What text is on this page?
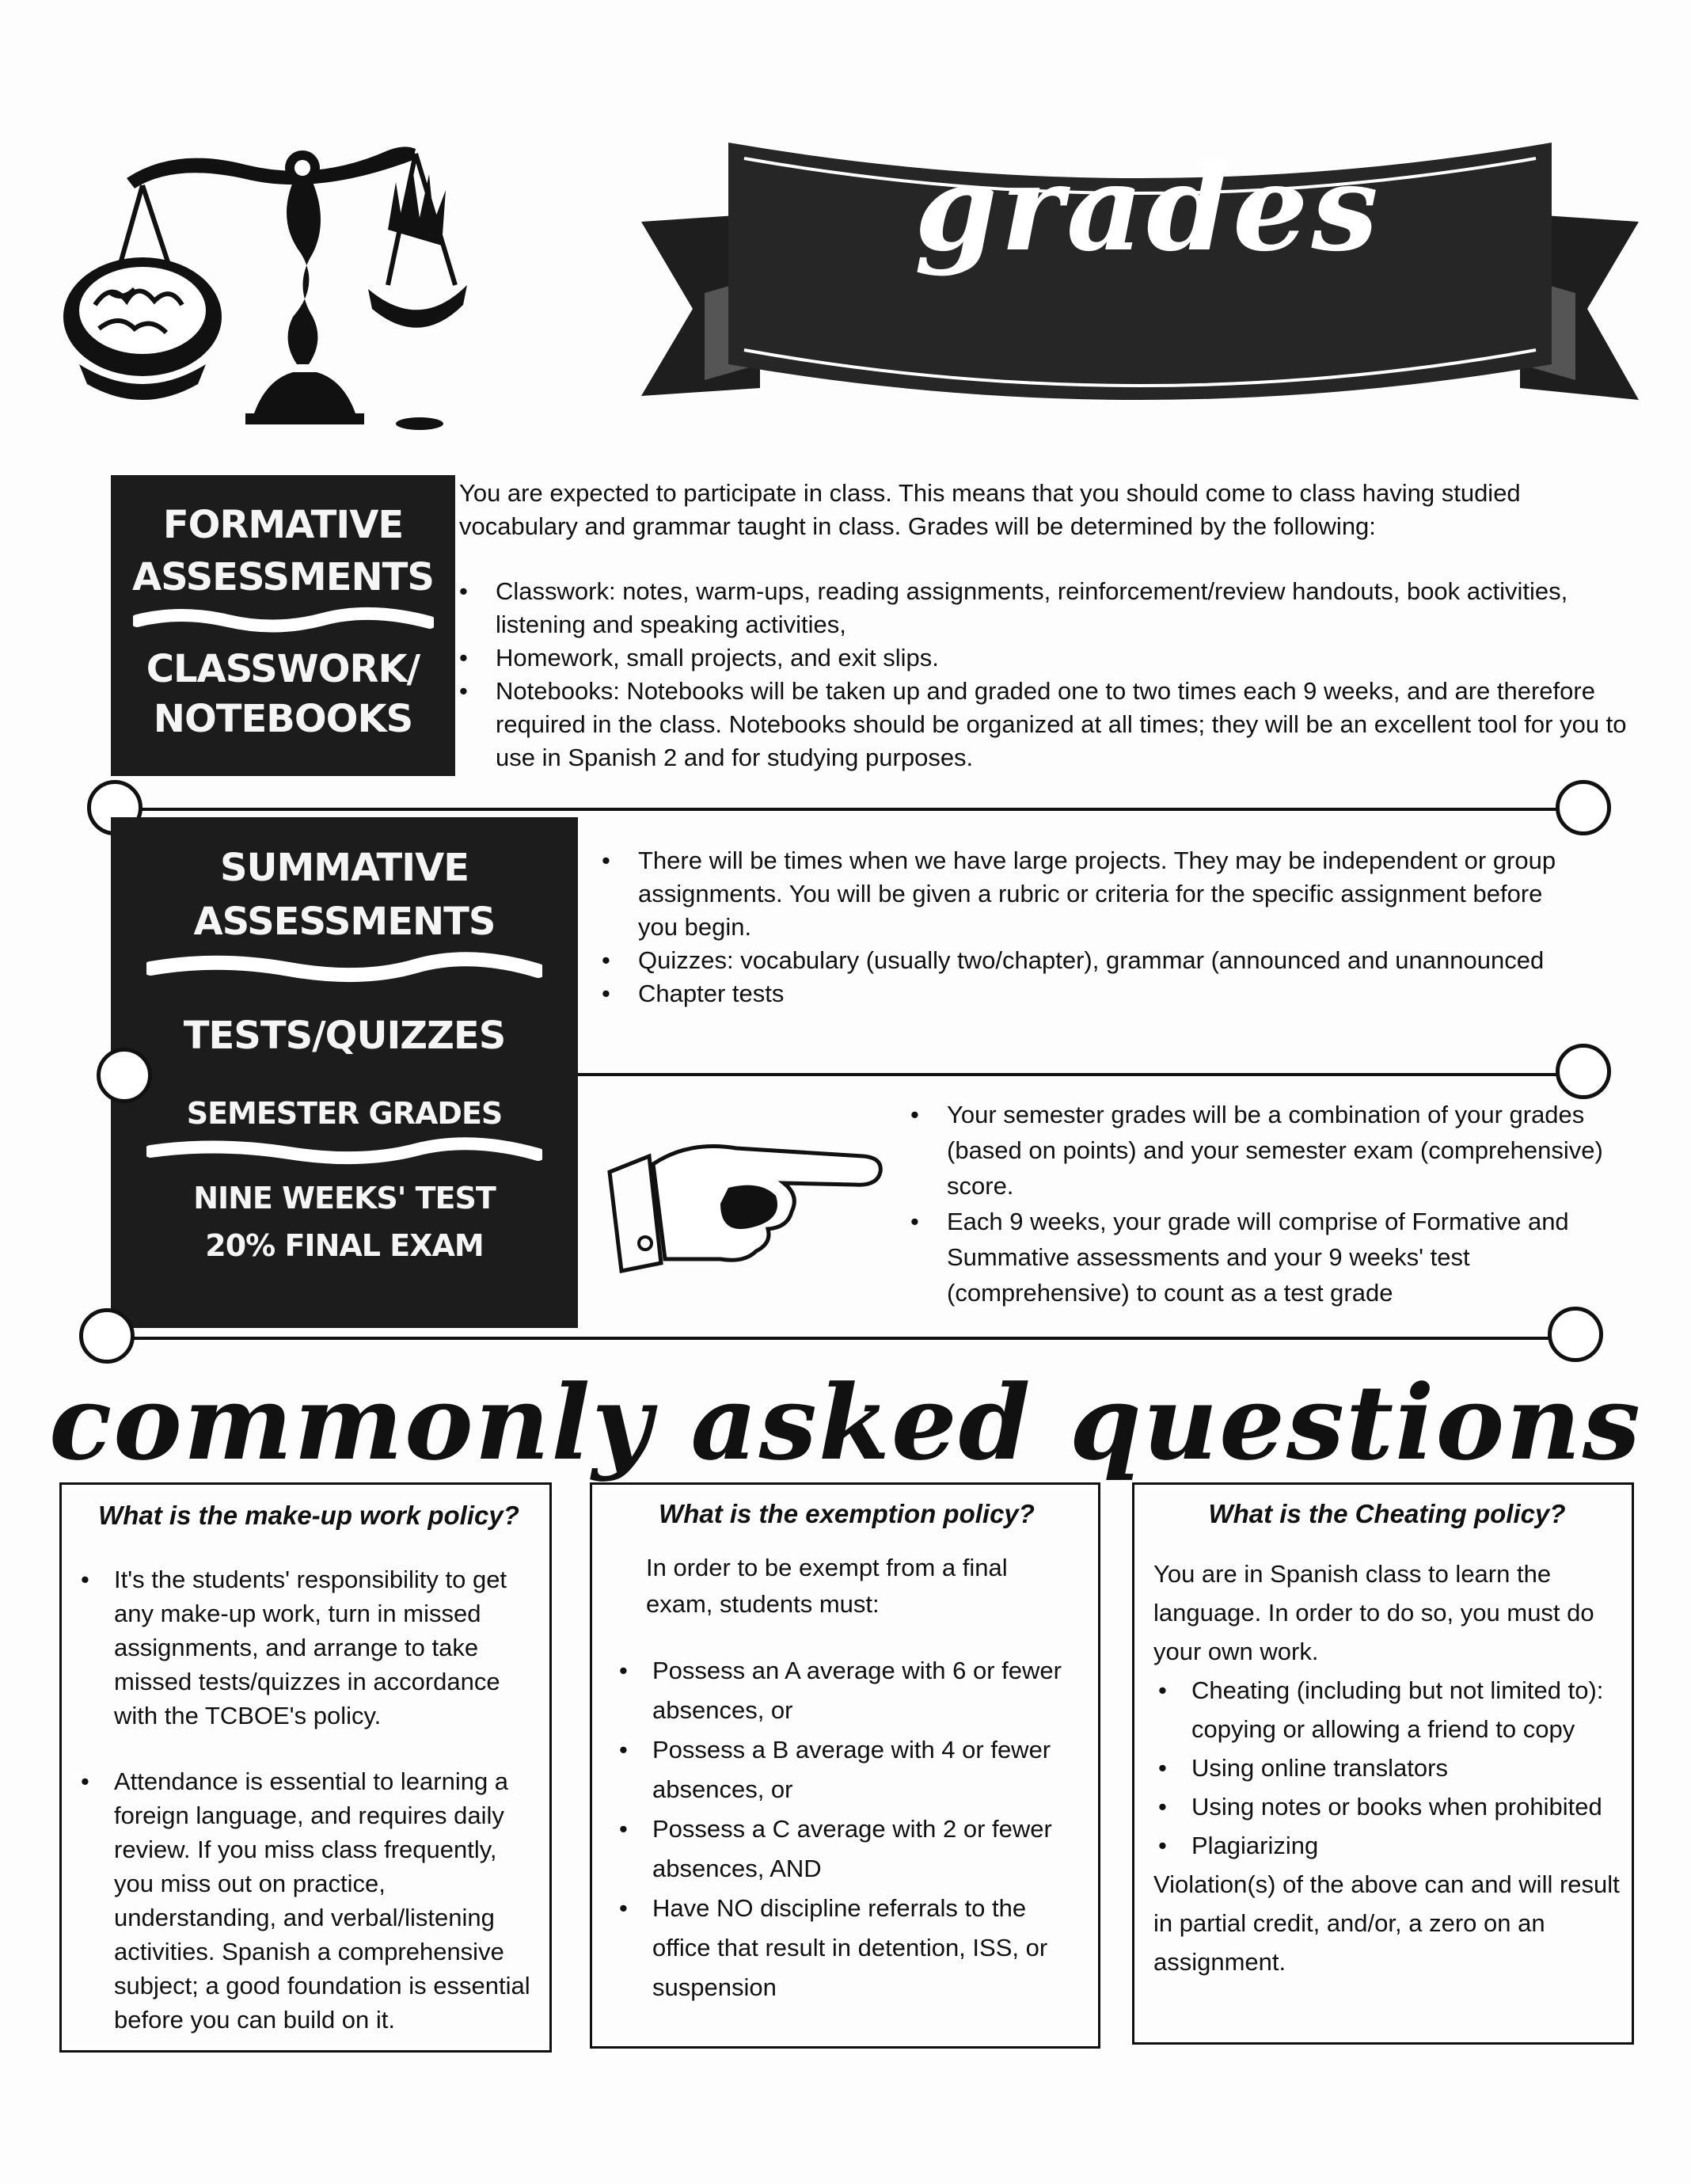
grades
FORMATIVE
ASSESSMENTS
CLASSWORK/
NOTEBOOKS
You are expected to participate in class. This means that you should come to class having studied vocabulary and grammar taught in class. Grades will be determined by the following:
• Classwork: notes, warm-ups, reading assignments, reinforcement/review handouts, book activities, listening and speaking activities,
• Homework, small projects, and exit slips.
• Notebooks: Notebooks will be taken up and graded one to two times each 9 weeks, and are therefore required in the class. Notebooks should be organized at all times; they will be an excellent tool for you to use in Spanish 2 and for studying purposes.
SUMMATIVE
ASSESSMENTS
TESTS/QUIZZES
SEMESTER GRADES
NINE WEEKS' TEST
20% FINAL EXAM
• There will be times when we have large projects. They may be independent or group assignments. You will be given a rubric or criteria for the specific assignment before you begin.
• Quizzes: vocabulary (usually two/chapter), grammar (announced and unannounced
• Chapter tests
• Your semester grades will be a combination of your grades (based on points) and your semester exam (comprehensive) score.
• Each 9 weeks, your grade will comprise of Formative and Summative assessments and your 9 weeks' test (comprehensive) to count as a test grade
commonly asked questions
What is the make-up work policy?
• It's the students' responsibility to get any make-up work, turn in missed assignments, and arrange to take missed tests/quizzes in accordance with the TCBOE's policy.
• Attendance is essential to learning a foreign language, and requires daily review. If you miss class frequently, you miss out on practice, understanding, and verbal/listening activities. Spanish a comprehensive subject; a good foundation is essential before you can build on it.
What is the exemption policy?
In order to be exempt from a final exam, students must:
• Possess an A average with 6 or fewer absences, or
• Possess a B average with 4 or fewer absences, or
• Possess a C average with 2 or fewer absences, AND
• Have NO discipline referrals to the office that result in detention, ISS, or suspension
What is the Cheating policy?
You are in Spanish class to learn the language. In order to do so, you must do your own work.
• Cheating (including but not limited to): copying or allowing a friend to copy
• Using online translators
• Using notes or books when prohibited
• Plagiarizing
Violation(s) of the above can and will result in partial credit, and/or, a zero on an assignment.
